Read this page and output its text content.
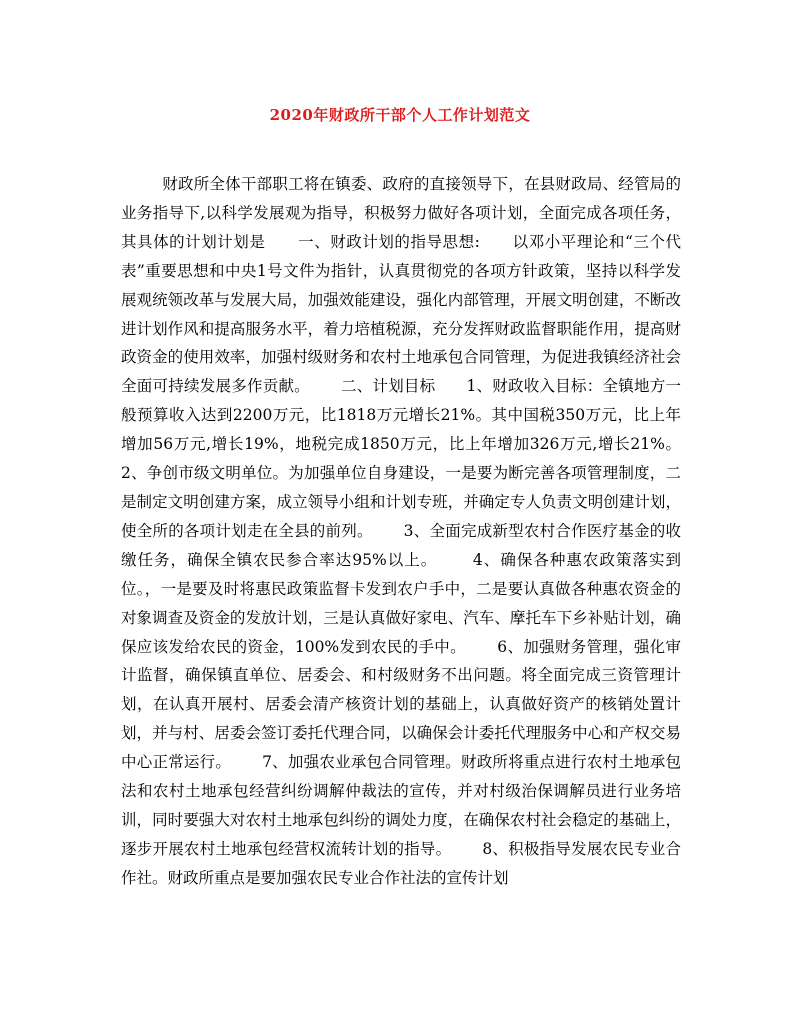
2020年财政所干部个人工作计划范文
财政所全体干部职工将在镇委、政府的直接领导下，在县财政局、经管局的业务指导下,以科学发展观为指导，积极努力做好各项计划，全面完成各项任务，其具体的计划计划是      一、财政计划的指导思想:      以邓小平理论和“三个代表”重要思想和中央1号文件为指针，认真贯彻党的各项方针政策，坚持以科学发展观统领改革与发展大局，加强效能建设，强化内部管理，开展文明创建，不断改进计划作风和提高服务水平，着力培植税源，充分发挥财政监督职能作用，提高财政资金的使用效率，加强村级财务和农村土地承包合同管理，为促进我镇经济社会全面可持续发展多作贡献。      二、计划目标      1、财政收入目标：全镇地方一般预算收入达到2200万元，比1818万元增长21%。其中国税350万元，比上年增加56万元,增长19%，地税完成1850万元，比上年增加326万元,增长21%。      2、争创市级文明单位。为加强单位自身建设，一是要为断完善各项管理制度，二是制定文明创建方案，成立领导小组和计划专班，并确定专人负责文明创建计划，使全所的各项计划走在全县的前列。      3、全面完成新型农村合作医疗基金的收缴任务，确保全镇农民参合率达95%以上。      4、确保各种惠农政策落实到位。，一是要及时将惠民政策监督卡发到农户手中，二是要认真做各种惠农资金的对象调查及资金的发放计划，三是认真做好家电、汽车、摩托车下乡补贴计划，确保应该发给农民的资金，100%发到农民的手中。      6、加强财务管理，强化审计监督，确保镇直单位、居委会、和村级财务不出问题。将全面完成三资管理计划，在认真开展村、居委会清产核资计划的基础上，认真做好资产的核销处置计划，并与村、居委会签订委托代理合同，以确保会计委托代理服务中心和产权交易中心正常运行。      7、加强农业承包合同管理。财政所将重点进行农村土地承包法和农村土地承包经营纠纷调解仲裁法的宣传，并对村级治保调解员进行业务培训，同时要强大对农村土地承包纠纷的调处力度，在确保农村社会稳定的基础上，逐步开展农村土地承包经营权流转计划的指导。      8、积极指导发展农民专业合作社。财政所重点是要加强农民专业合作社法的宣传计划
